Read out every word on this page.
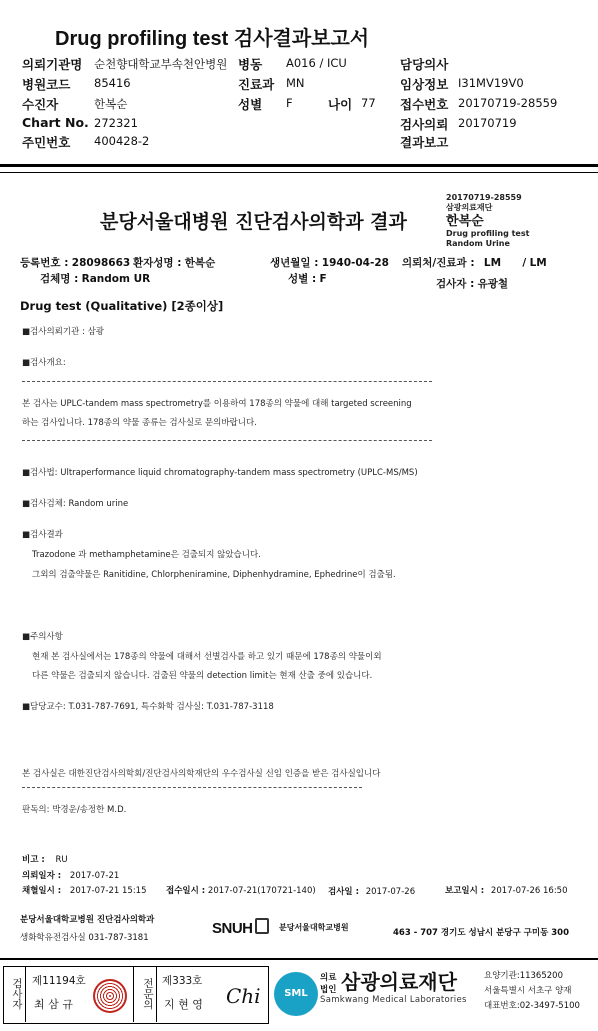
Drug profiling test 검사결과보고서
의뢰기관명 순천향대학교부속천안병원 병동 A016 / ICU	담당의사
병원코드 85416	진료과 MN	임상정보 I31MV19V0
수진자	한복순	성별 F	나이 77 접수번호 20170719-28559
Chart No. 272321	검사의뢰 20170719
주민번호 400428-2	결과보고
20170719-28559
삼광의료재단
한복순
Drug profiling test
Random Urine
분당서울대병원 진단검사의학과 결과
등록번호 : 28098663 환자성명 : 한복순	생년월일 : 1940-04-28 의뢰처/진료과 : LM / LM
검체명 : Random UR	성별 : F	검사자 : 유광철
Drug test (Qualitative) [2종이상]
■검사의뢰기관 : 삼광
■검사개요:
본 검사는 UPLC-tandem mass spectrometry를 이용하여 178종의 약물에 대해 targeted screening
하는 검사입니다. 178종의 약물 종류는 검사실로 문의바랍니다.
■검사법: Ultraperformance liquid chromatography-tandem mass spectrometry (UPLC-MS/MS)
■검사검체: Random urine
■검사결과
Trazodone 과 methamphetamine은 검출되지 않았습니다.
그외의 검출약물은 Ranitidine, Chlorpheniramine, Diphenhydramine, Ephedrine이 검출됨.
■주의사항
현재 본 검사실에서는 178종의 약물에 대해서 선별검사를 하고 있기 때문에 178종의 약물이외
다른 약물은 검출되지 않습니다. 검출된 약물의 detection limit는 현재 산출 중에 있습니다.
■담당교수: T.031-787-7691, 특수화학 검사실: T.031-787-3118
본 검사실은 대한진단검사의학회/진단검사의학재단의 우수검사실 신임 인증을 받은 검사실입니다
판독의: 박경운/송정한 M.D.
비고 : RU
의뢰일자 : 2017-07-21
채혈일시 : 2017-07-21 15:15 접수일시 : 2017-07-21(170721-140) 검사일 : 2017-07-26	보고일시 : 2017-07-26 16:50
분당서울대학교병원 진단검사의학과
생화학유전검사실 031-787-3181
SNUH	분당서울대학교병원
463 - 707 경기도 성남시 분당구 구미동 300
검사자 제11194호
최 삼 규	전문의 제333호
지 현 영 Chi	SML
의료
법인 삼광의료재단
Samkwang Medical Laboratories
요양기관:11365200
서울특별시 서초구 양재
대표번호:02-3497-5100
